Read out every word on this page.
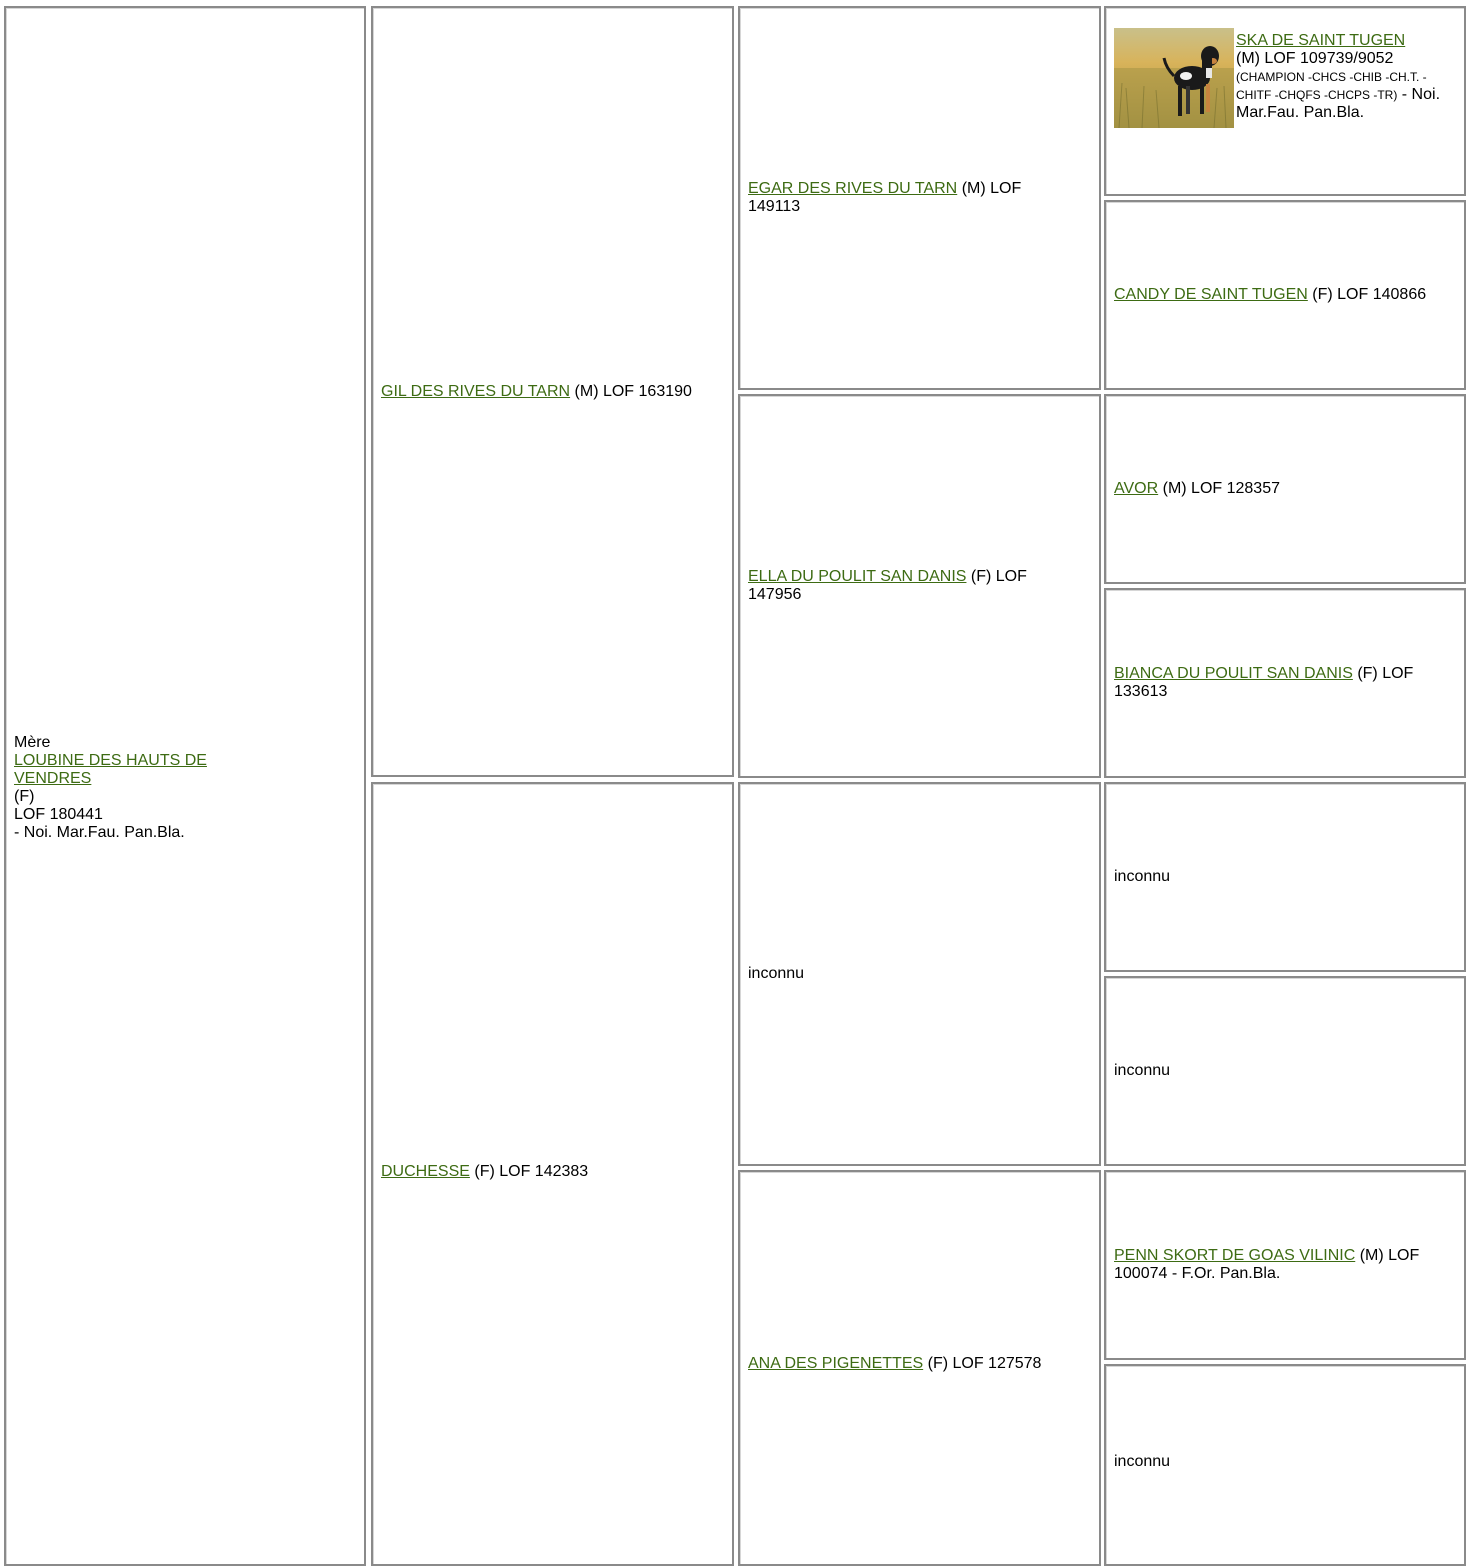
Mère
LOUBINE DES HAUTS DE VENDRES
(F)
LOF 180441
- Noi. Mar.Fau. Pan.Bla.
GIL DES RIVES DU TARN (M) LOF 163190
DUCHESSE (F) LOF 142383
EGAR DES RIVES DU TARN (M) LOF 149113
ELLA DU POULIT SAN DANIS (F) LOF 147956
inconnu
ANA DES PIGENETTES (F) LOF 127578
SKA DE SAINT TUGEN
(M) LOF 109739/9052 (CHAMPION -CHCS -CHIB -CH.T. -CHITF -CHQFS -CHCPS -TR) - Noi. Mar.Fau. Pan.Bla.
CANDY DE SAINT TUGEN (F) LOF 140866
AVOR (M) LOF 128357
BIANCA DU POULIT SAN DANIS (F) LOF 133613
inconnu
inconnu
PENN SKORT DE GOAS VILINIC (M) LOF 100074 - F.Or. Pan.Bla.
inconnu
